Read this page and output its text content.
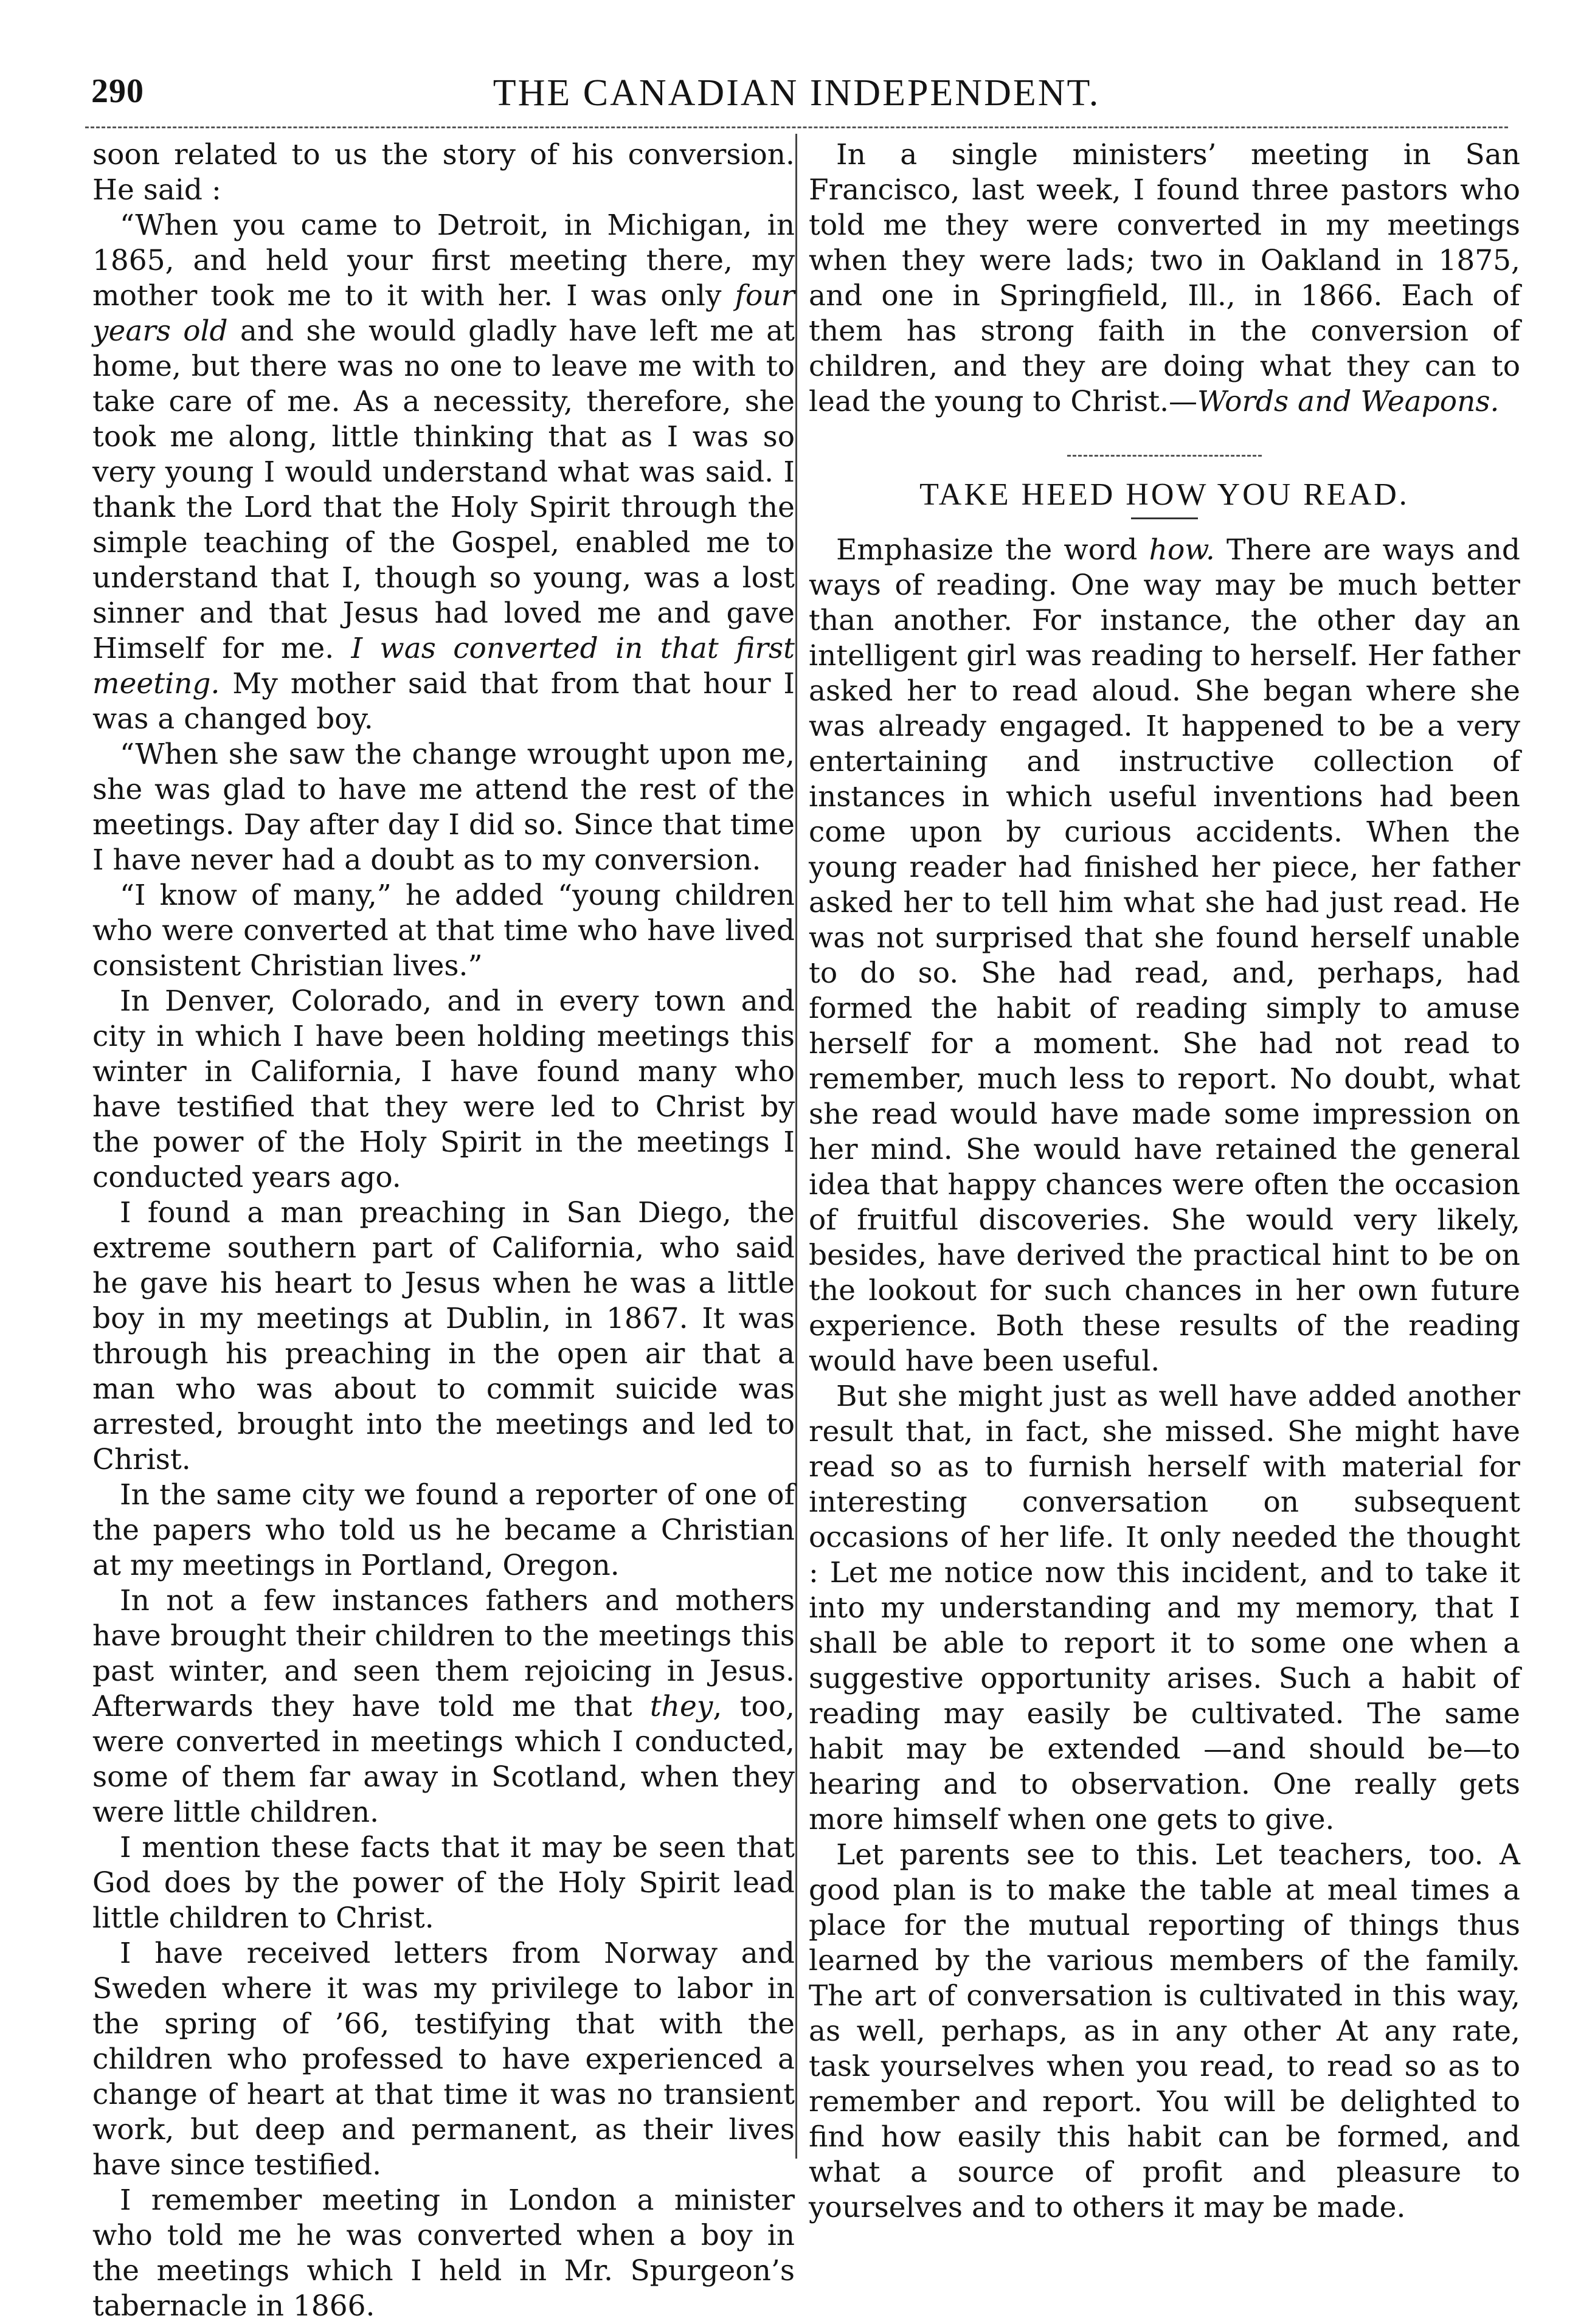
290	THE CANADIAN INDEPENDENT.

soon related to us the story of his conversion. He said :

“When you came to Detroit, in Michigan, in 1865, and held your first meeting there, my mother took me to it with her. I was only four years old and she would gladly have left me at home, but there was no one to leave me with to take care of me. As a necessity, therefore, she took me along, little thinking that as I was so very young I would understand what was said. I thank the Lord that the Holy Spirit through the simple teaching of the Gospel, enabled me to understand that I, though so young, was a lost sinner and that Jesus had loved me and gave Himself for me. I was converted in that first meeting. My mother said that from that hour I was a changed boy.

“When she saw the change wrought upon me, she was glad to have me attend the rest of the meetings. Day after day I did so. Since that time I have never had a doubt as to my conversion.

“I know of many,” he added “young children who were converted at that time who have lived consistent Christian lives.”

In Denver, Colorado, and in every town and city in which I have been holding meetings this winter in California, I have found many who have testified that they were led to Christ by the power of the Holy Spirit in the meetings I conducted years ago.

I found a man preaching in San Diego, the extreme southern part of California, who said he gave his heart to Jesus when he was a little boy in my meetings at Dublin, in 1867. It was through his preaching in the open air that a man who was about to commit suicide was arrested, brought into the meetings and led to Christ.

In the same city we found a reporter of one of the papers who told us he became a Christian at my meetings in Portland, Oregon.

In not a few instances fathers and mothers have brought their children to the meetings this past winter, and seen them rejoicing in Jesus. Afterwards they have told me that they, too, were converted in meetings which I conducted, some of them far away in Scotland, when they were little children.

I mention these facts that it may be seen that God does by the power of the Holy Spirit lead little children to Christ.

I have received letters from Norway and Sweden where it was my privilege to labor in the spring of ’66, testifying that with the children who professed to have experienced a change of heart at that time it was no transient work, but deep and permanent, as their lives have since testified.

I remember meeting in London a minister who told me he was converted when a boy in the meetings which I held in Mr. Spurgeon’s tabernacle in 1866.

In a single ministers’ meeting in San Francisco, last week, I found three pastors who told me they were converted in my meetings when they were lads; two in Oakland in 1875, and one in Springfield, Ill., in 1866. Each of them has strong faith in the conversion of children, and they are doing what they can to lead the young to Christ.—Words and Weapons.

TAKE HEED HOW YOU READ.

Emphasize the word how. There are ways and ways of reading. One way may be much better than another. For instance, the other day an intelligent girl was reading to herself. Her father asked her to read aloud. She began where she was already engaged. It happened to be a very entertaining and instructive collection of instances in which useful inventions had been come upon by curious accidents. When the young reader had finished her piece, her father asked her to tell him what she had just read. He was not surprised that she found herself unable to do so. She had read, and, perhaps, had formed the habit of reading simply to amuse herself for a moment. She had not read to remember, much less to report. No doubt, what she read would have made some impression on her mind. She would have retained the general idea that happy chances were often the occasion of fruitful discoveries. She would very likely, besides, have derived the practical hint to be on the lookout for such chances in her own future experience. Both these results of the reading would have been useful.

But she might just as well have added another result that, in fact, she missed. She might have read so as to furnish herself with material for interesting conversation on subsequent occasions of her life. It only needed the thought : Let me notice now this incident, and to take it into my understanding and my memory, that I shall be able to report it to some one when a suggestive opportunity arises. Such a habit of reading may easily be cultivated. The same habit may be extended —and should be—to hearing and to observation. One really gets more himself when one gets to give.

Let parents see to this. Let teachers, too. A good plan is to make the table at meal times a place for the mutual reporting of things thus learned by the various members of the family. The art of conversation is cultivated in this way, as well, perhaps, as in any other At any rate, task yourselves when you read, to read so as to remember and report. You will be delighted to find how easily this habit can be formed, and what a source of profit and pleasure to yourselves and to others it may be made.
